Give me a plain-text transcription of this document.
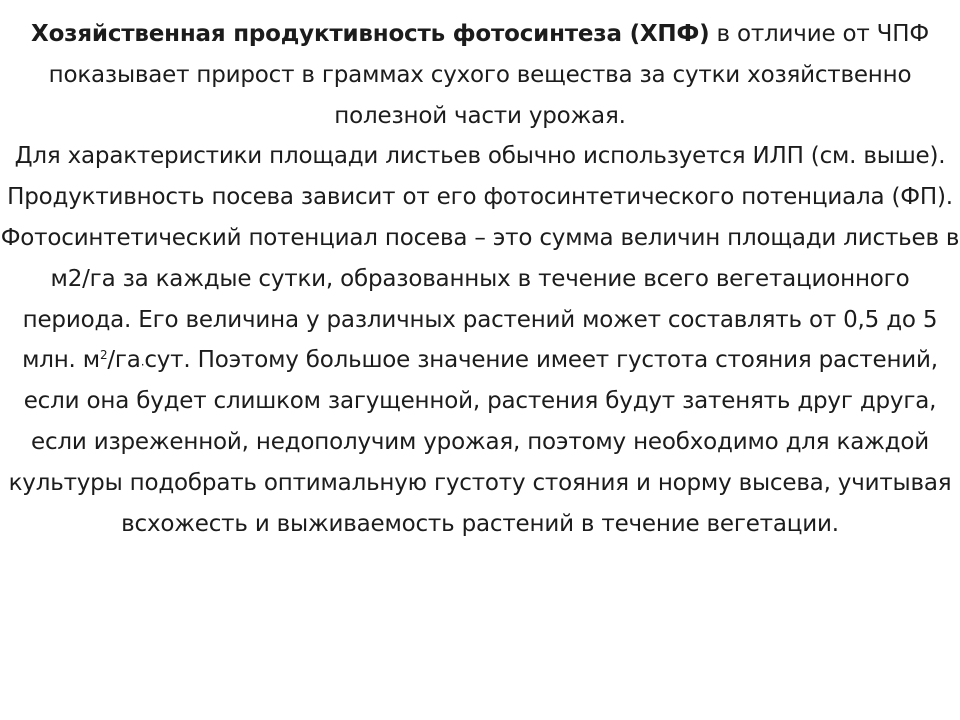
Хозяйственная продуктивность фотосинтеза (ХПФ) в отличие от ЧПФ показывает прирост в граммах сухого вещества за сутки хозяйственно полезной части урожая.

Для характеристики площади листьев обычно используется ИЛП (см. выше).

Продуктивность посева зависит от его фотосинтетического потенциала (ФП). Фотосинтетический потенциал посева – это сумма величин площади листьев в м2/га за каждые сутки, образованных в течение всего вегетационного периода. Его величина у различных растений может составлять от 0,5 до 5 млн. $м^2/га\cdot сут$. Поэтому большое значение имеет густота стояния растений, если она будет слишком загущенной, растения будут затенять друг друга, если изреженной, недополучим урожая, поэтому необходимо для каждой культуры подобрать оптимальную густоту стояния и норму высева, учитывая всхожесть и выживаемость растений в течение вегетации.
